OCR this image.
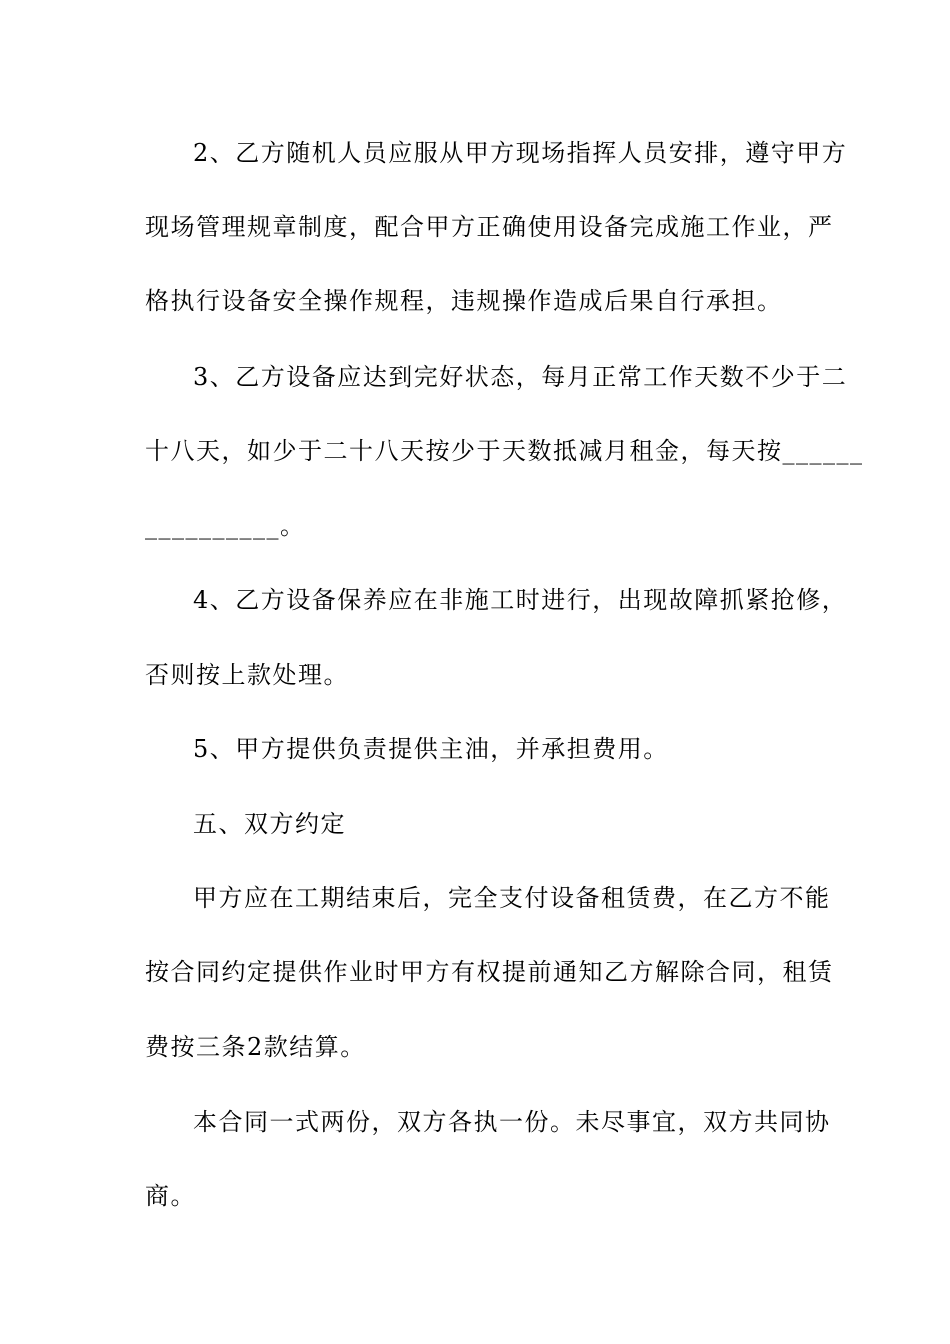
2、乙方随机人员应服从甲方现场指挥人员安排，遵守甲方
现场管理规章制度，配合甲方正确使用设备完成施工作业，严
格执行设备安全操作规程，违规操作造成后果自行承担。
3、乙方设备应达到完好状态，每月正常工作天数不少于二
十八天，如少于二十八天按少于天数抵减月租金，每天按______
__________。
4、乙方设备保养应在非施工时进行，出现故障抓紧抢修，
否则按上款处理。
5、甲方提供负责提供主油，并承担费用。
五、双方约定
甲方应在工期结束后，完全支付设备租赁费，在乙方不能
按合同约定提供作业时甲方有权提前通知乙方解除合同，租赁
费按三条2款结算。
本合同一式两份，双方各执一份。未尽事宜，双方共同协
商。
